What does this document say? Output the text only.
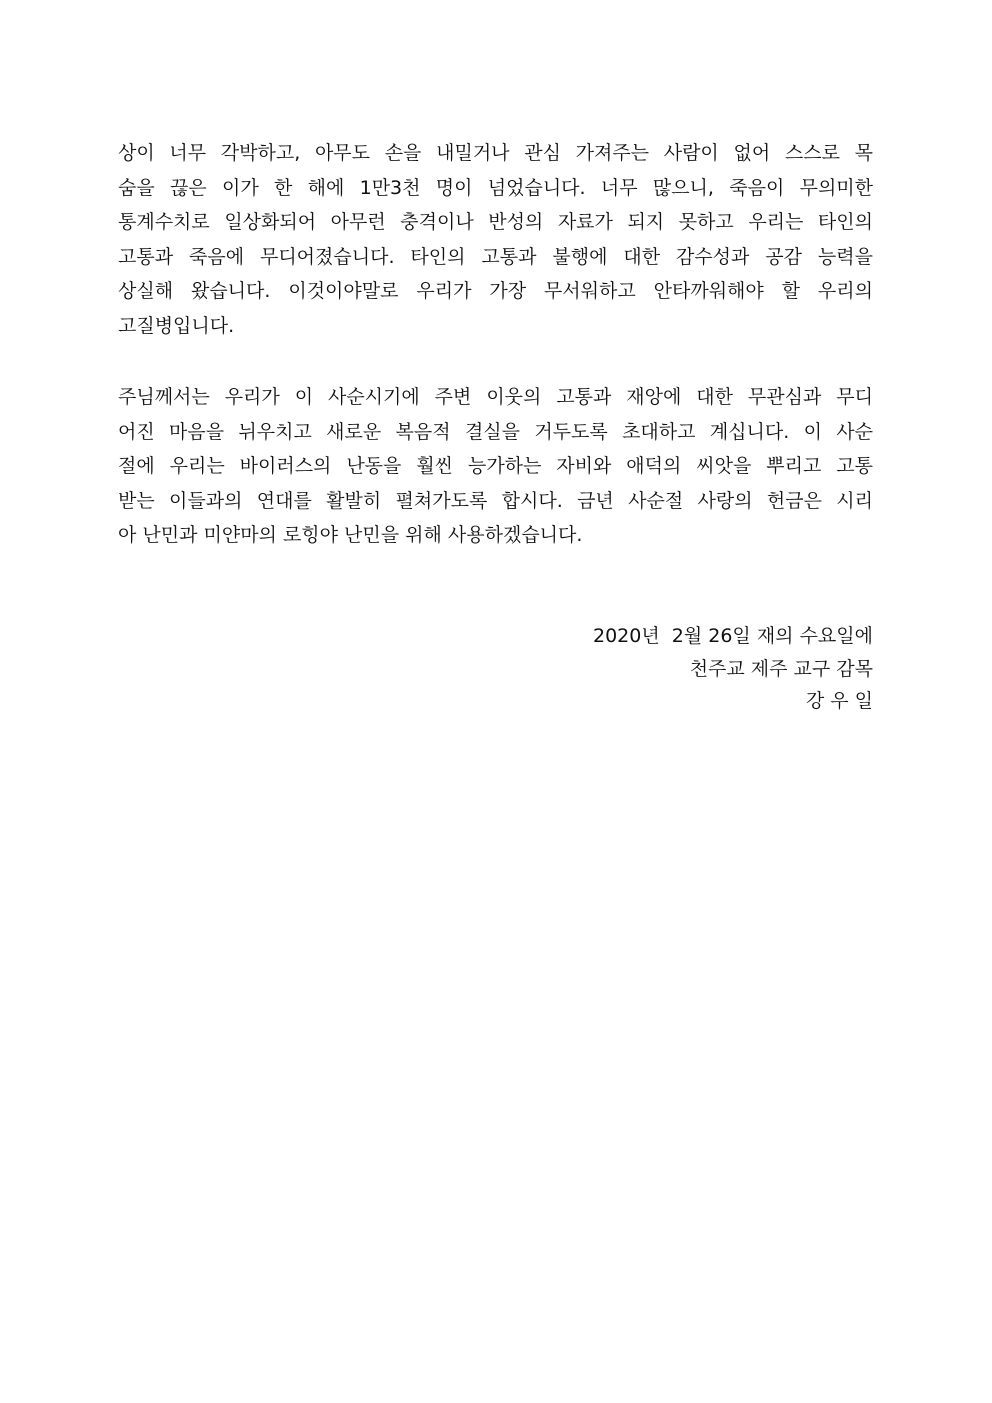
상이 너무 각박하고, 아무도 손을 내밀거나 관심 가져주는 사람이 없어 스스로 목
숨을 끊은 이가 한 해에 1만3천 명이 넘었습니다. 너무 많으니, 죽음이 무의미한
통계수치로 일상화되어 아무런 충격이나 반성의 자료가 되지 못하고 우리는 타인의
고통과 죽음에 무디어졌습니다. 타인의 고통과 불행에 대한 감수성과 공감 능력을
상실해 왔습니다. 이것이야말로 우리가 가장 무서워하고 안타까워해야 할 우리의
고질병입니다.
주님께서는 우리가 이 사순시기에 주변 이웃의 고통과 재앙에 대한 무관심과 무디
어진 마음을 뉘우치고 새로운 복음적 결실을 거두도록 초대하고 계십니다. 이 사순
절에 우리는 바이러스의 난동을 훨씬 능가하는 자비와 애덕의 씨앗을 뿌리고 고통
받는 이들과의 연대를 활발히 펼쳐가도록 합시다. 금년 사순절 사랑의 헌금은 시리
아 난민과 미얀마의 로힝야 난민을 위해 사용하겠습니다.
2020년  2월 26일 재의 수요일에
천주교 제주 교구 감목
강 우 일
